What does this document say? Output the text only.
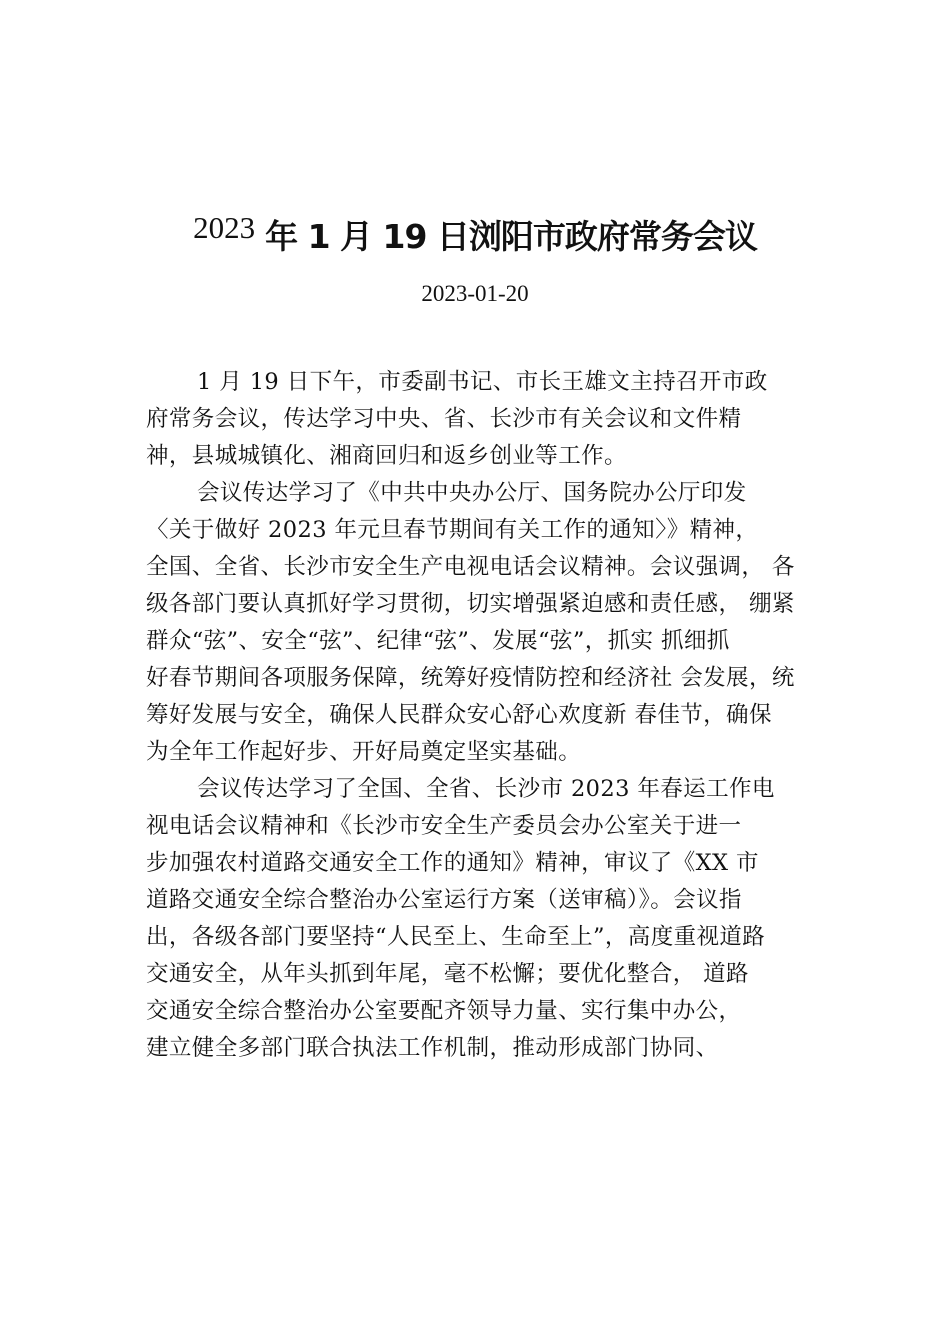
2023 年 1 月 19 日浏阳市政府常务会议
2023-01-20
1 月 19 日下午，市委副书记、市长王雄文主持召开市政
府常务会议，传达学习中央、省、长沙市有关会议和文件精
神，县城城镇化、湘商回归和返乡创业等工作。
会议传达学习了《中共中央办公厅、国务院办公厅印发
〈关于做好 2023 年元旦春节期间有关工作的通知〉》精神，
全国、全省、长沙市安全生产电视电话会议精神。会议强调， 各
级各部门要认真抓好学习贯彻，切实增强紧迫感和责任感， 绷紧
群众“弦”、安全“弦”、纪律“弦”、发展“弦”，抓实 抓细抓
好春节期间各项服务保障，统筹好疫情防控和经济社 会发展，统
筹好发展与安全，确保人民群众安心舒心欢度新 春佳节，确保
为全年工作起好步、开好局奠定坚实基础。
会议传达学习了全国、全省、长沙市 2023 年春运工作电
视电话会议精神和《长沙市安全生产委员会办公室关于进一
步加强农村道路交通安全工作的通知》精神，审议了《XX 市
道路交通安全综合整治办公室运行方案（送审稿）》。会议指
出，各级各部门要坚持“人民至上、生命至上”，高度重视道路
交通安全，从年头抓到年尾，毫不松懈；要优化整合， 道路
交通安全综合整治办公室要配齐领导力量、实行集中办公，
建立健全多部门联合执法工作机制，推动形成部门协同、
